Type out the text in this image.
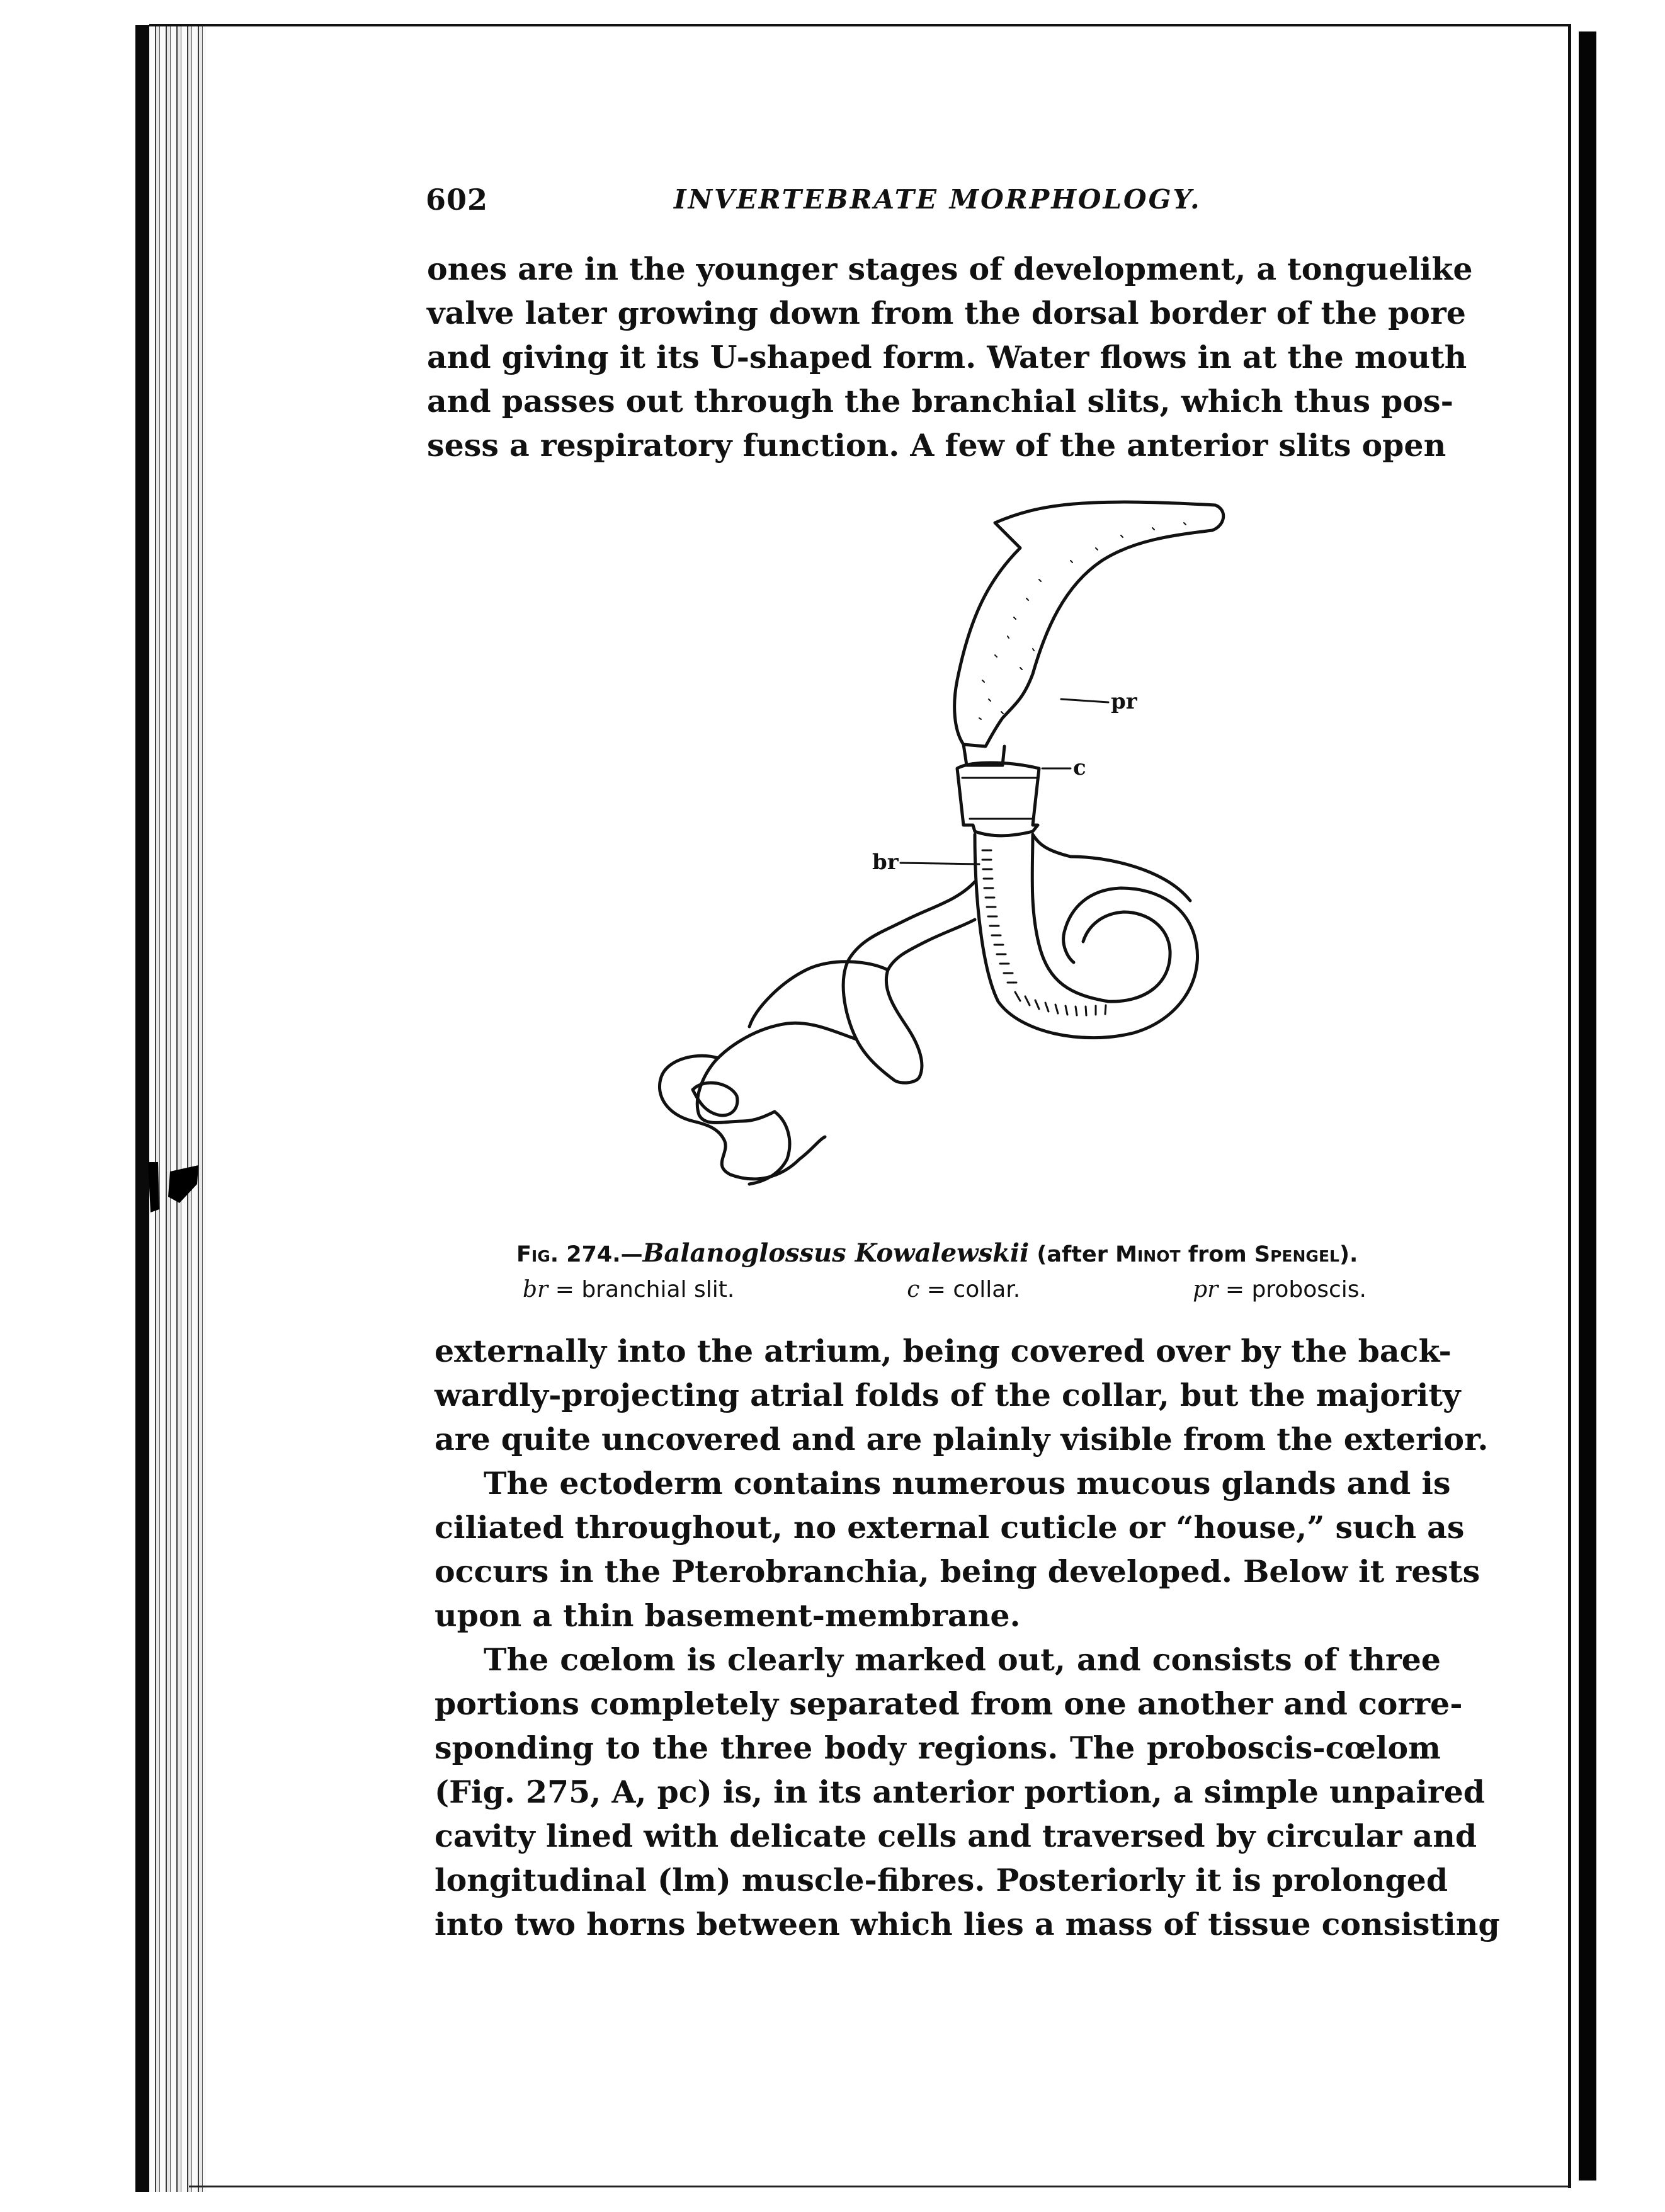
602	INVERTEBRATE MORPHOLOGY.
ones are in the younger stages of development, a tonguelike
valve later growing down from the dorsal border of the pore
and giving it its U-shaped form. Water flows in at the mouth
and passes out through the branchial slits, which thus pos-
sess a respiratory function. A few of the anterior slits open
pr
c
br
Fig. 274.—Balanoglossus Kowalewskii (after Minot from Spengel).
br = branchial slit.	c = collar.	pr = proboscis.
externally into the atrium, being covered over by the back-
wardly-projecting atrial folds of the collar, but the majority
are quite uncovered and are plainly visible from the exterior.
The ectoderm contains numerous mucous glands and is
ciliated throughout, no external cuticle or “house,” such as
occurs in the Pterobranchia, being developed. Below it rests
upon a thin basement-membrane.
The cœlom is clearly marked out, and consists of three
portions completely separated from one another and corre-
sponding to the three body regions. The proboscis-cœlom
(Fig. 275, A, pc) is, in its anterior portion, a simple unpaired
cavity lined with delicate cells and traversed by circular and
longitudinal (lm) muscle-fibres. Posteriorly it is prolonged
into two horns between which lies a mass of tissue consisting
